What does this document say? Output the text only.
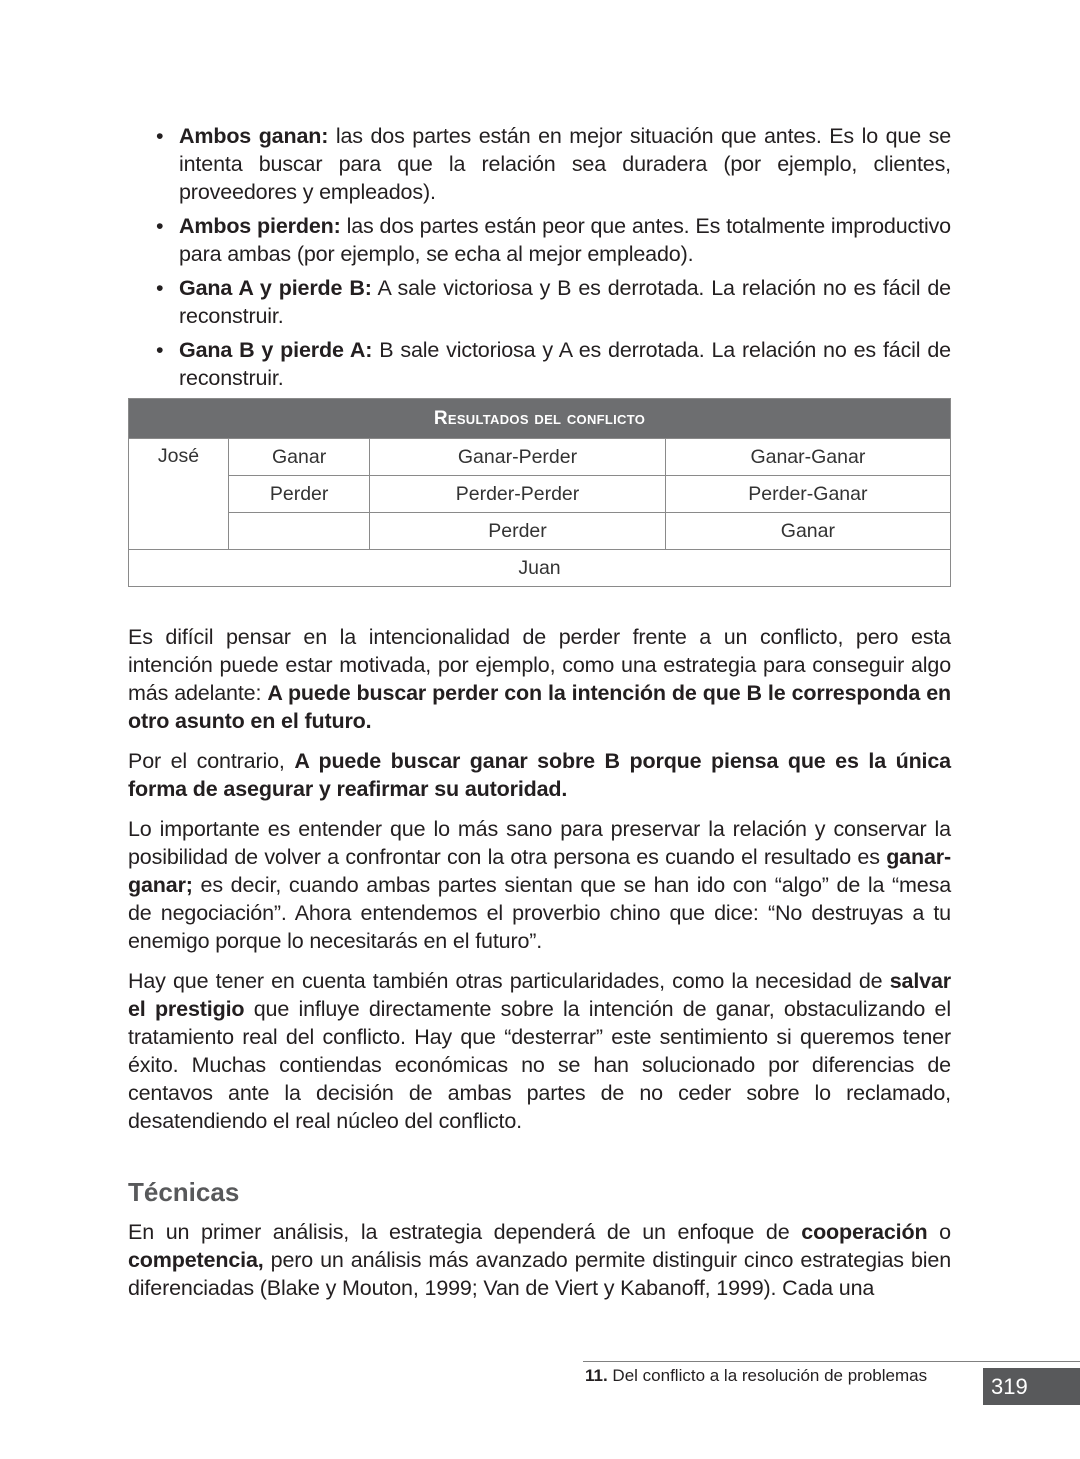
• Ambos ganan: las dos partes están en mejor situación que antes. Es lo que se intenta buscar para que la relación sea duradera (por ejemplo, clientes, proveedores y empleados).
• Ambos pierden: las dos partes están peor que antes. Es totalmente improductivo para ambas (por ejemplo, se echa al mejor empleado).
• Gana A y pierde B: A sale victoriosa y B es derrotada. La relación no es fácil de reconstruir.
• Gana B y pierde A: B sale victoriosa y A es derrotada. La relación no es fácil de reconstruir.
Resultados del conflicto			
José	Ganar	Ganar-Perder	Ganar-Ganar
	Perder	Perder-Perder	Perder-Ganar
		Perder	Ganar
Juan			

Es difícil pensar en la intencionalidad de perder frente a un conflicto, pero esta intención puede estar motivada, por ejemplo, como una estrategia para conseguir algo más adelante: A puede buscar perder con la intención de que B le corresponda en otro asunto en el futuro.

Por el contrario, A puede buscar ganar sobre B porque piensa que es la única forma de asegurar y reafirmar su autoridad.

Lo importante es entender que lo más sano para preservar la relación y conservar la posibilidad de volver a confrontar con la otra persona es cuando el resultado es ganar-ganar; es decir, cuando ambas partes sientan que se han ido con “algo” de la “mesa de negociación”. Ahora entendemos el proverbio chino que dice: “No destruyas a tu enemigo porque lo necesitarás en el futuro”.

Hay que tener en cuenta también otras particularidades, como la necesidad de salvar el prestigio que influye directamente sobre la intención de ganar, obstaculizando el tratamiento real del conflicto. Hay que “desterrar” este sentimiento si queremos tener éxito. Muchas contiendas económicas no se han solucionado por diferencias de centavos ante la decisión de ambas partes de no ceder sobre lo reclamado, desatendiendo el real núcleo del conflicto.

Técnicas

En un primer análisis, la estrategia dependerá de un enfoque de cooperación o competencia, pero un análisis más avanzado permite distinguir cinco estrategias bien diferenciadas (Blake y Mouton, 1999; Van de Viert y Kabanoff, 1999). Cada una

11. Del conflicto a la resolución de problemas	319
